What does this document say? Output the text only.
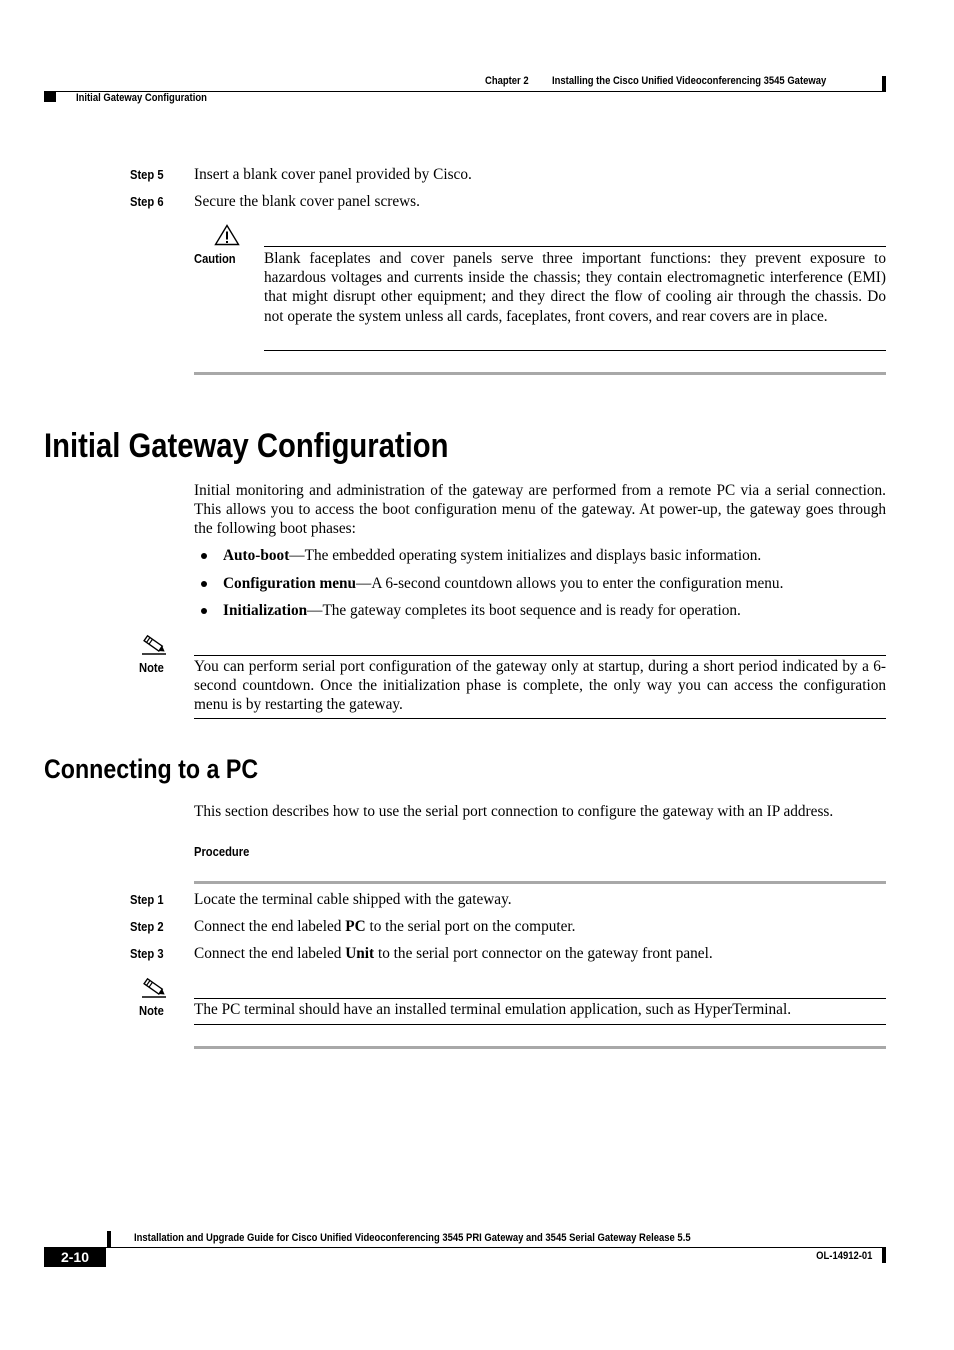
Chapter 2 Installing the Cisco Unified Videoconferencing 3545 Gateway
Initial Gateway Configuration
Step 5 Insert a blank cover panel provided by Cisco.
Step 6 Secure the blank cover panel screws.
Caution Blank faceplates and cover panels serve three important functions: they prevent exposure to hazardous voltages and currents inside the chassis; they contain electromagnetic interference (EMI) that might disrupt other equipment; and they direct the flow of cooling air through the chassis. Do not operate the system unless all cards, faceplates, front covers, and rear covers are in place.
Initial Gateway Configuration
Initial monitoring and administration of the gateway are performed from a remote PC via a serial connection. This allows you to access the boot configuration menu of the gateway. At power-up, the gateway goes through the following boot phases:
Auto-boot—The embedded operating system initializes and displays basic information.
Configuration menu—A 6-second countdown allows you to enter the configuration menu.
Initialization—The gateway completes its boot sequence and is ready for operation.
Note You can perform serial port configuration of the gateway only at startup, during a short period indicated by a 6-second countdown. Once the initialization phase is complete, the only way you can access the configuration menu is by restarting the gateway.
Connecting to a PC
This section describes how to use the serial port connection to configure the gateway with an IP address.
Procedure
Step 1 Locate the terminal cable shipped with the gateway.
Step 2 Connect the end labeled PC to the serial port on the computer.
Step 3 Connect the end labeled Unit to the serial port connector on the gateway front panel.
Note The PC terminal should have an installed terminal emulation application, such as HyperTerminal.
Installation and Upgrade Guide for Cisco Unified Videoconferencing 3545 PRI Gateway and 3545 Serial Gateway Release 5.5
2-10	OL-14912-01
